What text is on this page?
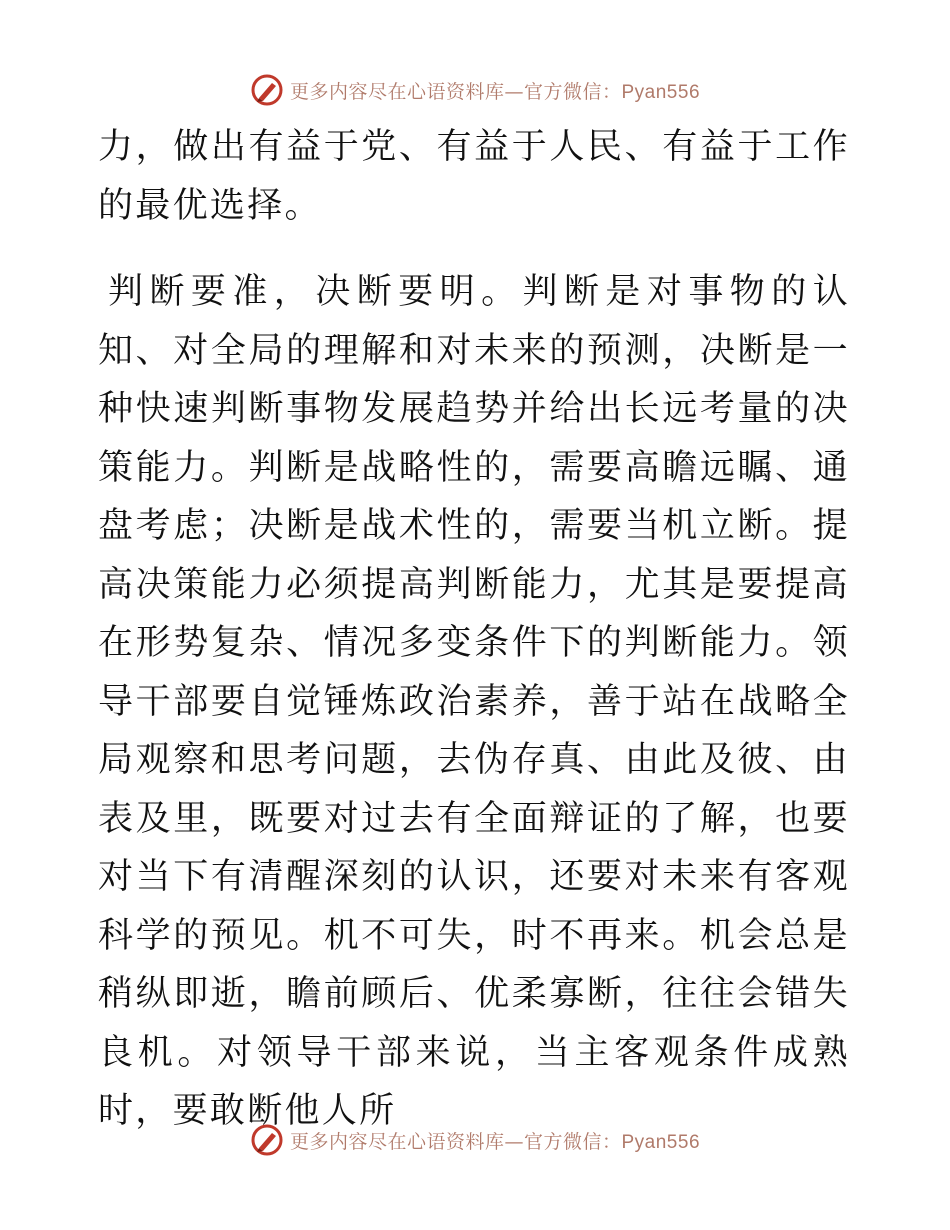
更多内容尽在心语资料库—官方微信：Pyan556

力，做出有益于党、有益于人民、有益于工作的最优选择。

判断要准，决断要明。判断是对事物的认知、对全局的理解和对未来的预测，决断是一种快速判断事物发展趋势并给出长远考量的决策能力。判断是战略性的，需要高瞻远瞩、通盘考虑；决断是战术性的，需要当机立断。提高决策能力必须提高判断能力，尤其是要提高在形势复杂、情况多变条件下的判断能力。领导干部要自觉锤炼政治素养，善于站在战略全局观察和思考问题，去伪存真、由此及彼、由表及里，既要对过去有全面辩证的了解，也要对当下有清醒深刻的认识，还要对未来有客观科学的预见。机不可失，时不再来。机会总是稍纵即逝，瞻前顾后、优柔寡断，往往会错失良机。对领导干部来说，当主客观条件成熟时，要敢断他人所

更多内容尽在心语资料库—官方微信：Pyan556
